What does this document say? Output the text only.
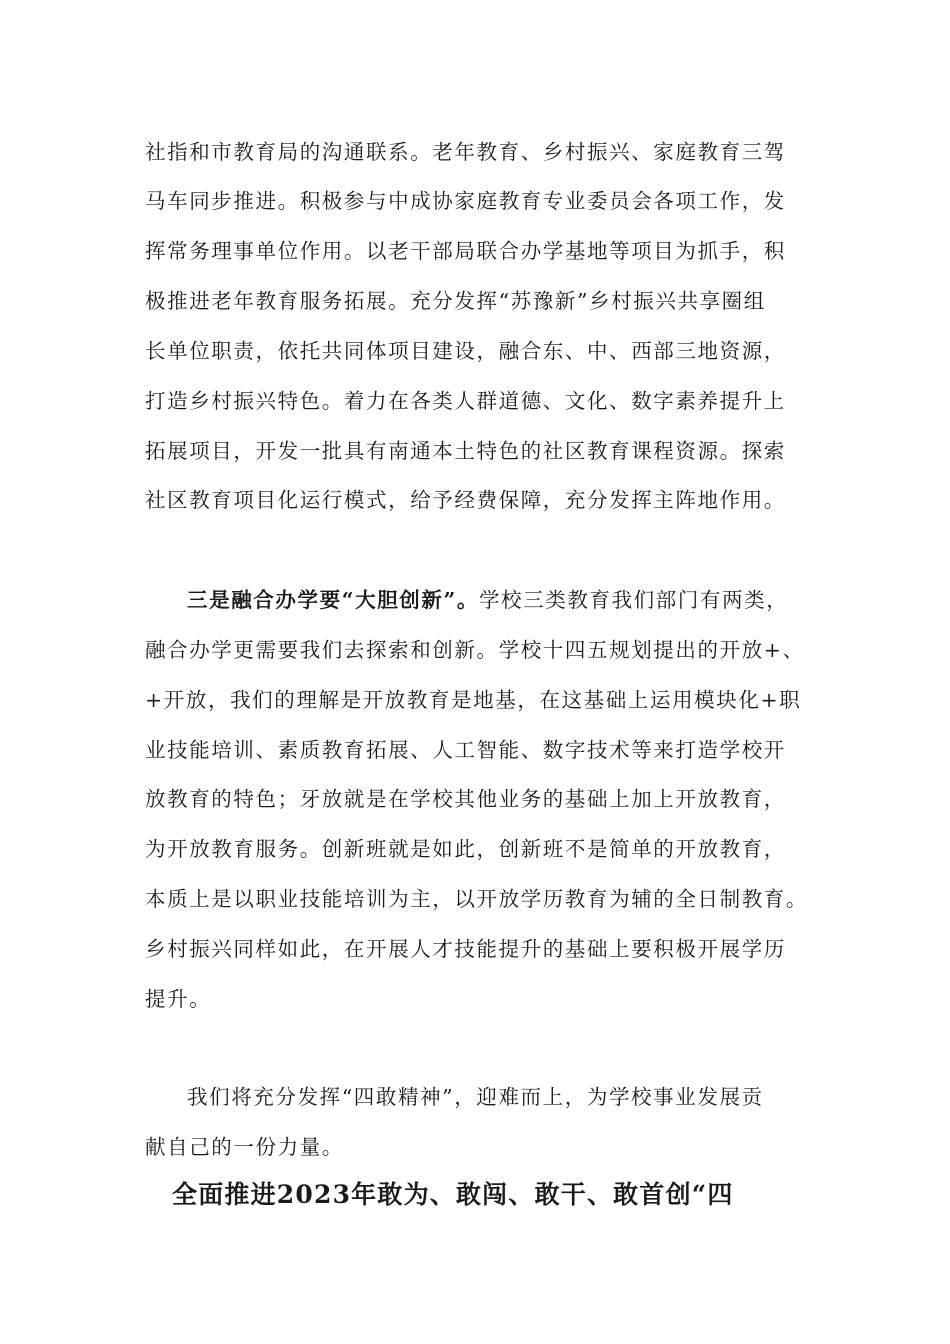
社指和市教育局的沟通联系。老年教育、乡村振兴、家庭教育三驾
马车同步推进。积极参与中成协家庭教育专业委员会各项工作，发
挥常务理事单位作用。以老干部局联合办学基地等项目为抓手，积
极推进老年教育服务拓展。充分发挥“苏豫新”乡村振兴共享圈组
长单位职责，依托共同体项目建设，融合东、中、西部三地资源，
打造乡村振兴特色。着力在各类人群道德、文化、数字素养提升上
拓展项目，开发一批具有南通本土特色的社区教育课程资源。探索
社区教育项目化运行模式，给予经费保障，充分发挥主阵地作用。
三是融合办学要“大胆创新”。学校三类教育我们部门有两类，
融合办学更需要我们去探索和创新。学校十四五规划提出的开放+、
+开放，我们的理解是开放教育是地基，在这基础上运用模块化+职
业技能培训、素质教育拓展、人工智能、数字技术等来打造学校开
放教育的特色；牙放就是在学校其他业务的基础上加上开放教育，
为开放教育服务。创新班就是如此，创新班不是简单的开放教育，
本质上是以职业技能培训为主，以开放学历教育为辅的全日制教育。
乡村振兴同样如此，在开展人才技能提升的基础上要积极开展学历
提升。
我们将充分发挥“四敢精神”，迎难而上，为学校事业发展贡
献自己的一份力量。
全面推进2023年敢为、敢闯、敢干、敢首创“四
